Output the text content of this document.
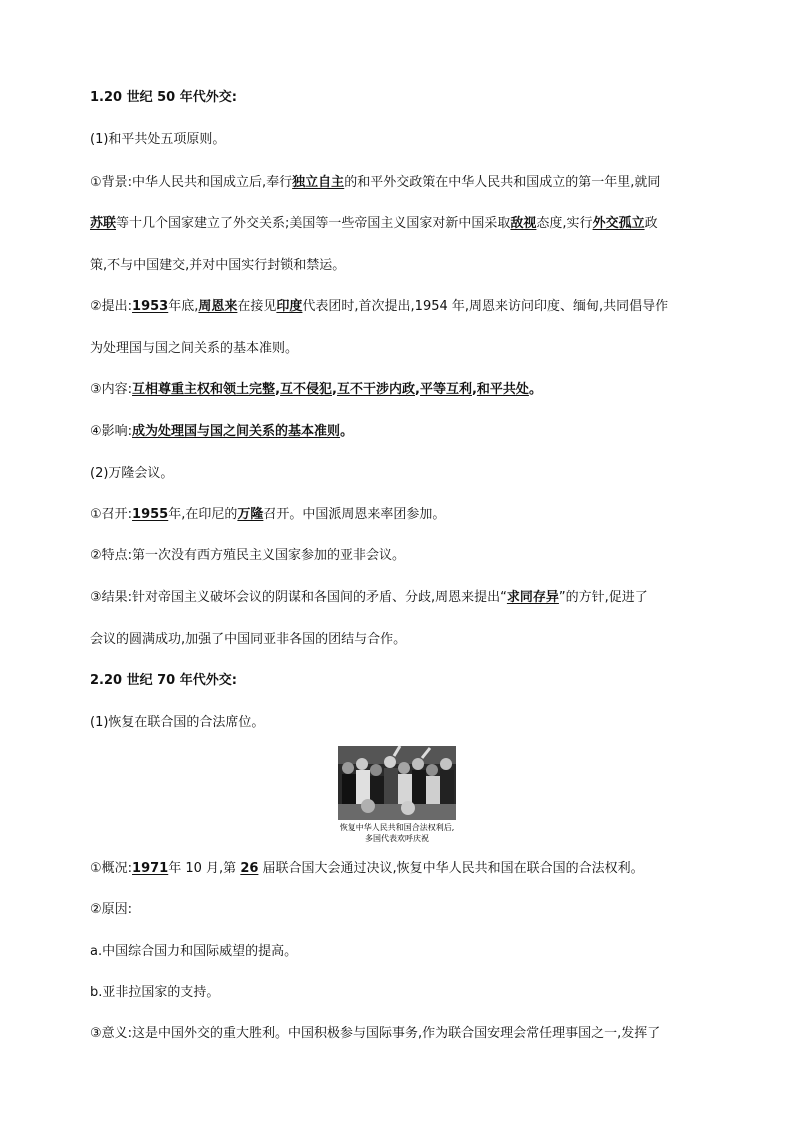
1.20 世纪 50 年代外交:
(1)和平共处五项原则。
①背景:中华人民共和国成立后,奉行独立自主的和平外交政策在中华人民共和国成立的第一年里,就同
苏联等十几个国家建立了外交关系;美国等一些帝国主义国家对新中国采取敌视态度,实行外交孤立政
策,不与中国建交,并对中国实行封锁和禁运。
②提出:1953年底,周恩来在接见印度代表团时,首次提出,1954 年,周恩来访问印度、缅甸,共同倡导作
为处理国与国之间关系的基本准则。
③内容:互相尊重主权和领土完整,互不侵犯,互不干涉内政,平等互利,和平共处。
④影响:成为处理国与国之间关系的基本准则。
(2)万隆会议。
①召开:1955年,在印尼的万隆召开。中国派周恩来率团参加。
②特点:第一次没有西方殖民主义国家参加的亚非会议。
③结果:针对帝国主义破坏会议的阴谋和各国间的矛盾、分歧,周恩来提出“求同存异”的方针,促进了
会议的圆满成功,加强了中国同亚非各国的团结与合作。
2.20 世纪 70 年代外交:
(1)恢复在联合国的合法席位。
恢复中华人民共和国合法权利后,
多国代表欢呼庆祝
①概况:1971年 10 月,第 26 届联合国大会通过决议,恢复中华人民共和国在联合国的合法权利。
②原因:
a.中国综合国力和国际威望的提高。
b.亚非拉国家的支持。
③意义:这是中国外交的重大胜利。中国积极参与国际事务,作为联合国安理会常任理事国之一,发挥了
